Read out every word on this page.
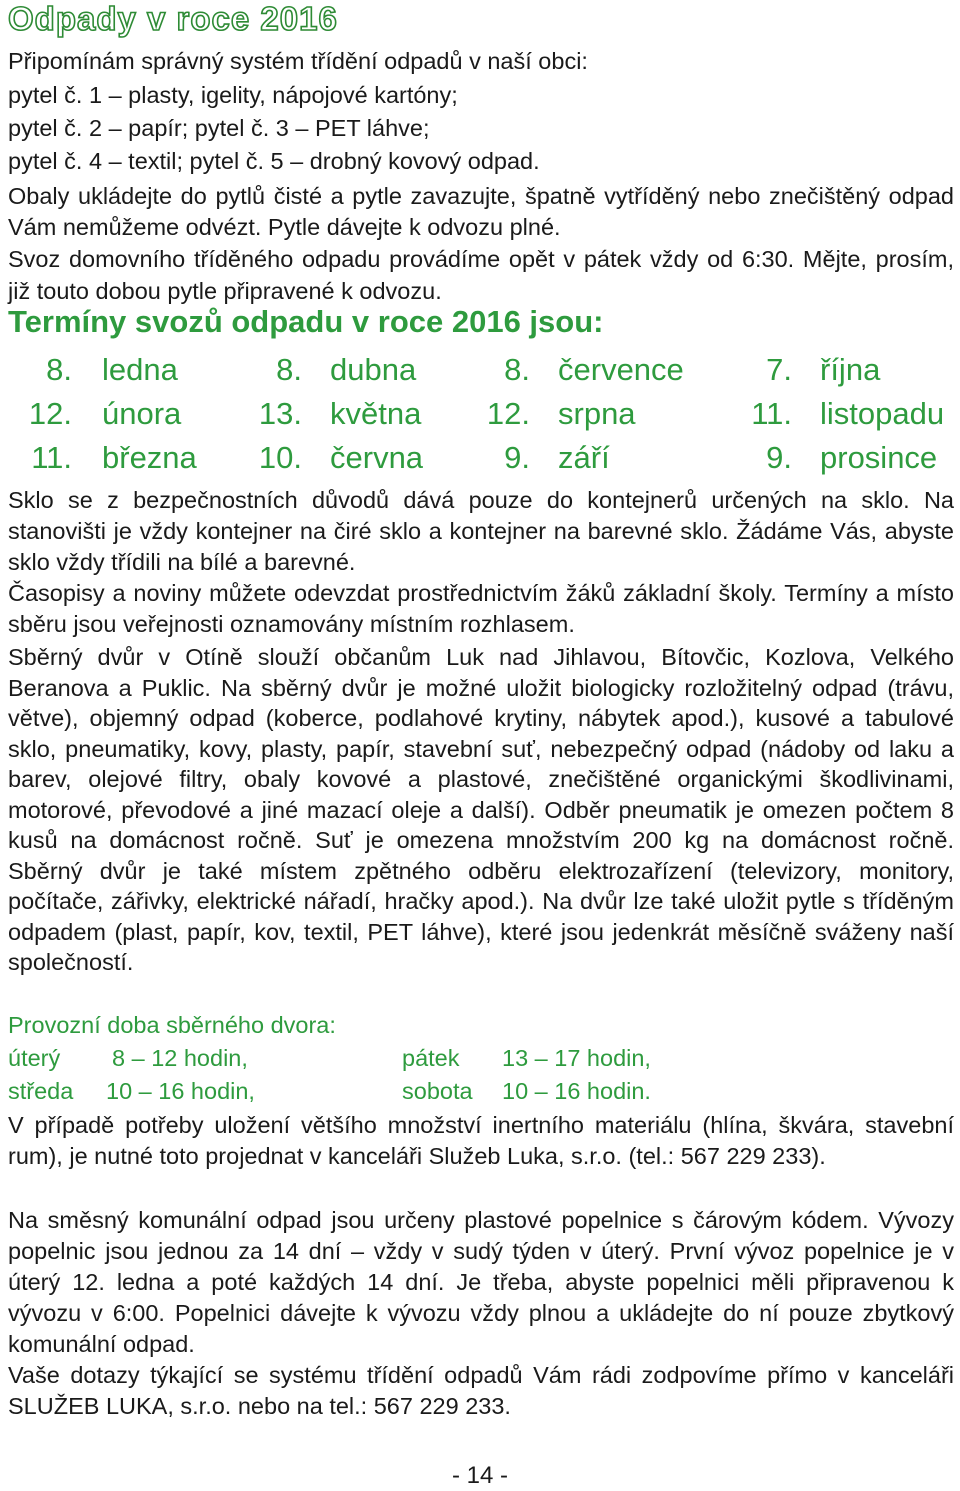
Odpady v roce 2016

Připomínám správný systém třídění odpadů v naší obci:

pytel č. 1 – plasty, igelity, nápojové kartóny;

pytel č. 2 – papír; pytel č. 3 – PET láhve;

pytel č. 4 – textil; pytel č. 5 – drobný kovový odpad.

Obaly ukládejte do pytlů čisté a pytle zavazujte, špatně vytříděný nebo znečištěný odpad Vám nemůžeme odvézt. Pytle dávejte k odvozu plné.

Svoz domovního tříděného odpadu provádíme opět v pátek vždy od 6:30. Mějte, prosím, již touto dobou pytle připravené k odvozu.

Termíny svozů odpadu v roce 2016 jsou:
8. ledna	8. dubna	8. července	7. října
12. února	13. května	12. srpna	11. listopadu
11. března	10. června	9. září	9. prosince

Sklo se z bezpečnostních důvodů dává pouze do kontejnerů určených na sklo. Na stanovišti je vždy kontejner na čiré sklo a kontejner na barevné sklo. Žádáme Vás, abyste sklo vždy třídili na bílé a barevné.

Časopisy a noviny můžete odevzdat prostřednictvím žáků základní školy. Termíny a místo sběru jsou veřejnosti oznamovány místním rozhlasem.

Sběrný dvůr v Otíně slouží občanům Luk nad Jihlavou, Bítovčic, Kozlova, Velkého Beranova a Puklic. Na sběrný dvůr je možné uložit biologicky rozložitelný odpad (trávu, větve), objemný odpad (koberce, podlahové krytiny, nábytek apod.), kusové a tabulové sklo, pneumatiky, kovy, plasty, papír, stavební suť, nebezpečný odpad (nádoby od laku a barev, olejové filtry, obaly kovové a plastové, znečištěné organickými škodlivinami, motorové, převodové a jiné mazací oleje a další). Odběr pneumatik je omezen počtem 8 kusů na domácnost ročně. Suť je omezena množstvím 200 kg na domácnost ročně. Sběrný dvůr je také místem zpětného odběru elektrozařízení (televizory, monitory, počítače, zářivky, elektrické nářadí, hračky apod.). Na dvůr lze také uložit pytle s tříděným odpadem (plast, papír, kov, textil, PET láhve), které jsou jedenkrát měsíčně sváženy naší společností.

Provozní doba sběrného dvora:

úterý 8 – 12 hodin,	pátek 13 – 17 hodin,
středa 10 – 16 hodin,	sobota 10 – 16 hodin.

V případě potřeby uložení většího množství inertního materiálu (hlína, škvára, stavební rum), je nutné toto projednat v kanceláři Služeb Luka, s.r.o. (tel.: 567 229 233).

Na směsný komunální odpad jsou určeny plastové popelnice s čárovým kódem. Vývozy popelnic jsou jednou za 14 dní – vždy v sudý týden v úterý. První vývoz popelnice je v úterý 12. ledna a poté každých 14 dní. Je třeba, abyste popelnici měli připravenou k vývozu v 6:00. Popelnici dávejte k vývozu vždy plnou a ukládejte do ní pouze zbytkový komunální odpad.

Vaše dotazy týkající se systému třídění odpadů Vám rádi zodpovíme přímo v kanceláři SLUŽEB LUKA, s.r.o. nebo na tel.: 567 229 233.

- 14 -
